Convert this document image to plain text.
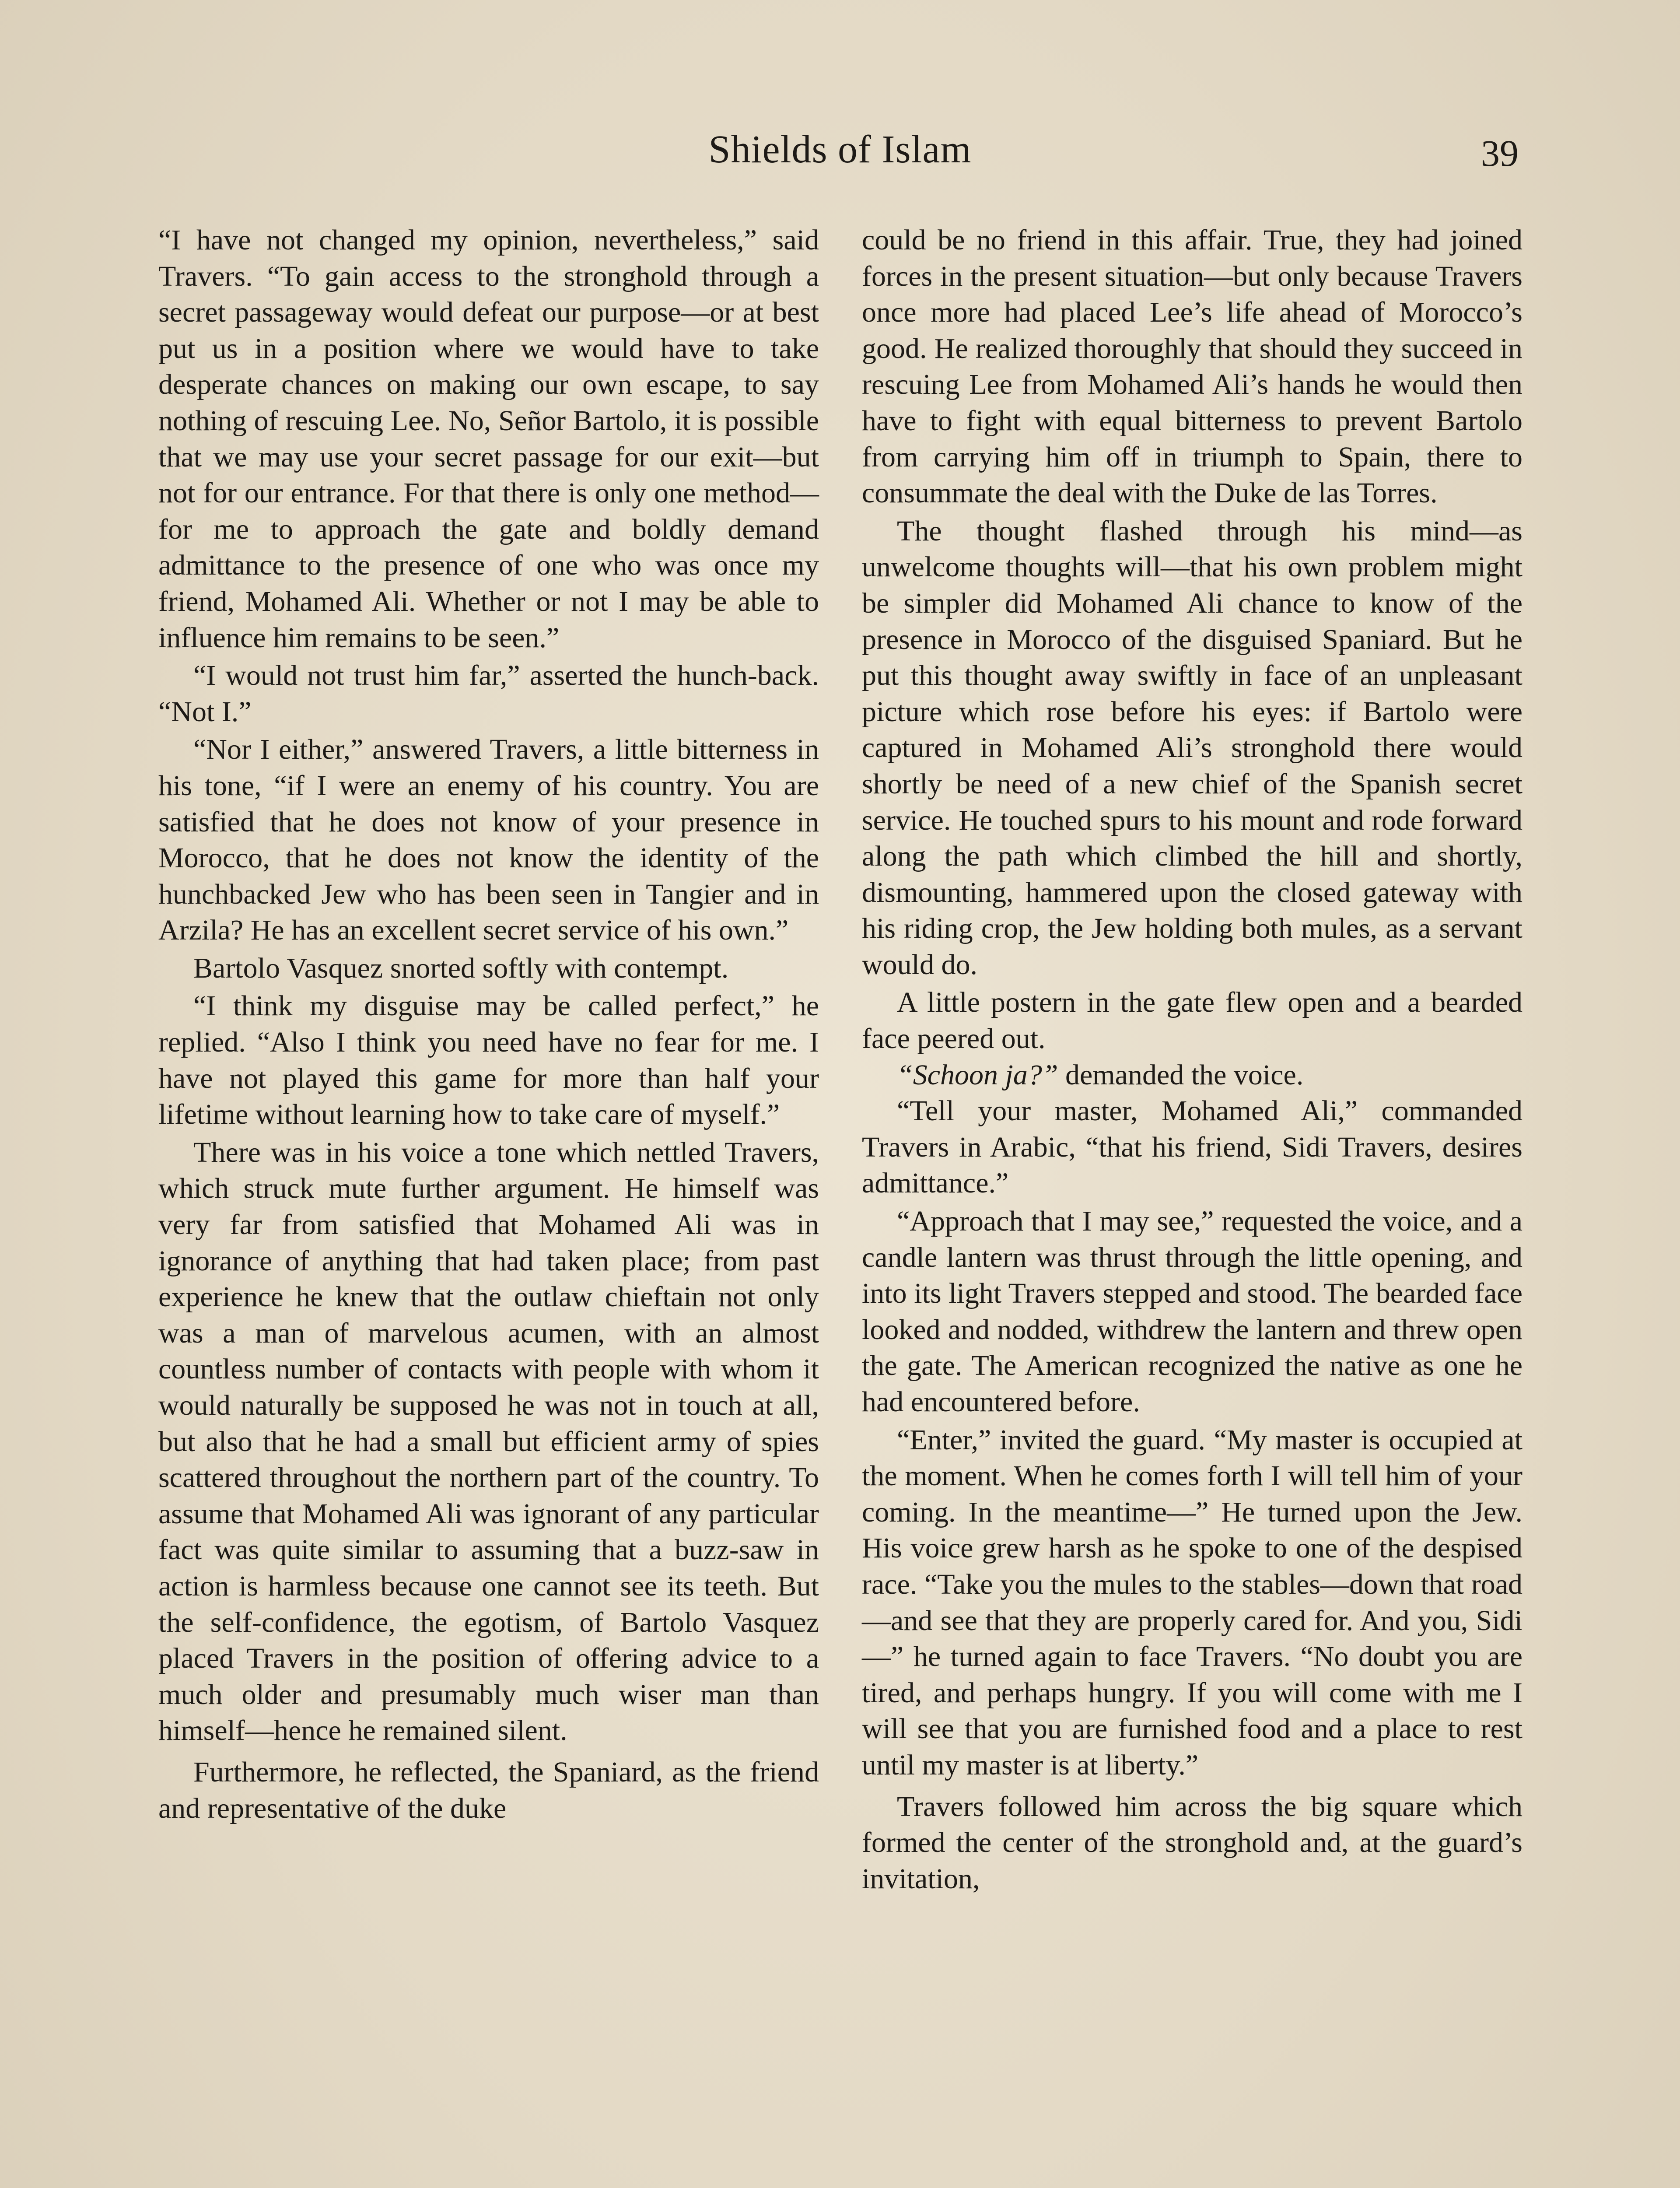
Shields of Islam	39

“I have not changed my opinion, nevertheless,” said Travers. “To gain access to the stronghold through a secret passageway would defeat our purpose—or at best put us in a position where we would have to take desperate chances on making our own escape, to say nothing of rescuing Lee. No, Señor Bartolo, it is possible that we may use your secret passage for our exit—but not for our entrance. For that there is only one method—for me to approach the gate and boldly demand admittance to the presence of one who was once my friend, Mohamed Ali. Whether or not I may be able to influence him remains to be seen.”

“I would not trust him far,” asserted the hunch-back. “Not I.”

“Nor I either,” answered Travers, a little bitterness in his tone, “if I were an enemy of his country. You are satisfied that he does not know of your presence in Morocco, that he does not know the identity of the hunchbacked Jew who has been seen in Tangier and in Arzila? He has an excellent secret service of his own.”

Bartolo Vasquez snorted softly with contempt.

“I think my disguise may be called perfect,” he replied. “Also I think you need have no fear for me. I have not played this game for more than half your lifetime without learning how to take care of myself.”

There was in his voice a tone which nettled Travers, which struck mute further argument. He himself was very far from satisfied that Mohamed Ali was in ignorance of anything that had taken place; from past experience he knew that the outlaw chieftain not only was a man of marvelous acumen, with an almost countless number of contacts with people with whom it would naturally be supposed he was not in touch at all, but also that he had a small but efficient army of spies scattered throughout the northern part of the country. To assume that Mohamed Ali was ignorant of any particular fact was quite similar to assuming that a buzz-saw in action is harmless because one cannot see its teeth. But the self-confidence, the egotism, of Bartolo Vasquez placed Travers in the position of offering advice to a much older and presumably much wiser man than himself—hence he remained silent.

Furthermore, he reflected, the Spaniard, as the friend and representative of the duke

could be no friend in this affair. True, they had joined forces in the present situation—but only because Travers once more had placed Lee’s life ahead of Morocco’s good. He realized thoroughly that should they succeed in rescuing Lee from Mohamed Ali’s hands he would then have to fight with equal bitterness to prevent Bartolo from carrying him off in triumph to Spain, there to consummate the deal with the Duke de las Torres.

The thought flashed through his mind—as unwelcome thoughts will—that his own problem might be simpler did Mohamed Ali chance to know of the presence in Morocco of the disguised Spaniard. But he put this thought away swiftly in face of an unpleasant picture which rose before his eyes: if Bartolo were captured in Mohamed Ali’s stronghold there would shortly be need of a new chief of the Spanish secret service. He touched spurs to his mount and rode forward along the path which climbed the hill and shortly, dismounting, hammered upon the closed gateway with his riding crop, the Jew holding both mules, as a servant would do.

A little postern in the gate flew open and a bearded face peered out.

“Schoon ja?” demanded the voice.

“Tell your master, Mohamed Ali,” commanded Travers in Arabic, “that his friend, Sidi Travers, desires admittance.”

“Approach that I may see,” requested the voice, and a candle lantern was thrust through the little opening, and into its light Travers stepped and stood. The bearded face looked and nodded, withdrew the lantern and threw open the gate. The American recognized the native as one he had encountered before.

“Enter,” invited the guard. “My master is occupied at the moment. When he comes forth I will tell him of your coming. In the meantime—” He turned upon the Jew. His voice grew harsh as he spoke to one of the despised race. “Take you the mules to the stables—down that road—and see that they are properly cared for. And you, Sidi—” he turned again to face Travers. “No doubt you are tired, and perhaps hungry. If you will come with me I will see that you are furnished food and a place to rest until my master is at liberty.”

Travers followed him across the big square which formed the center of the stronghold and, at the guard’s invitation,
